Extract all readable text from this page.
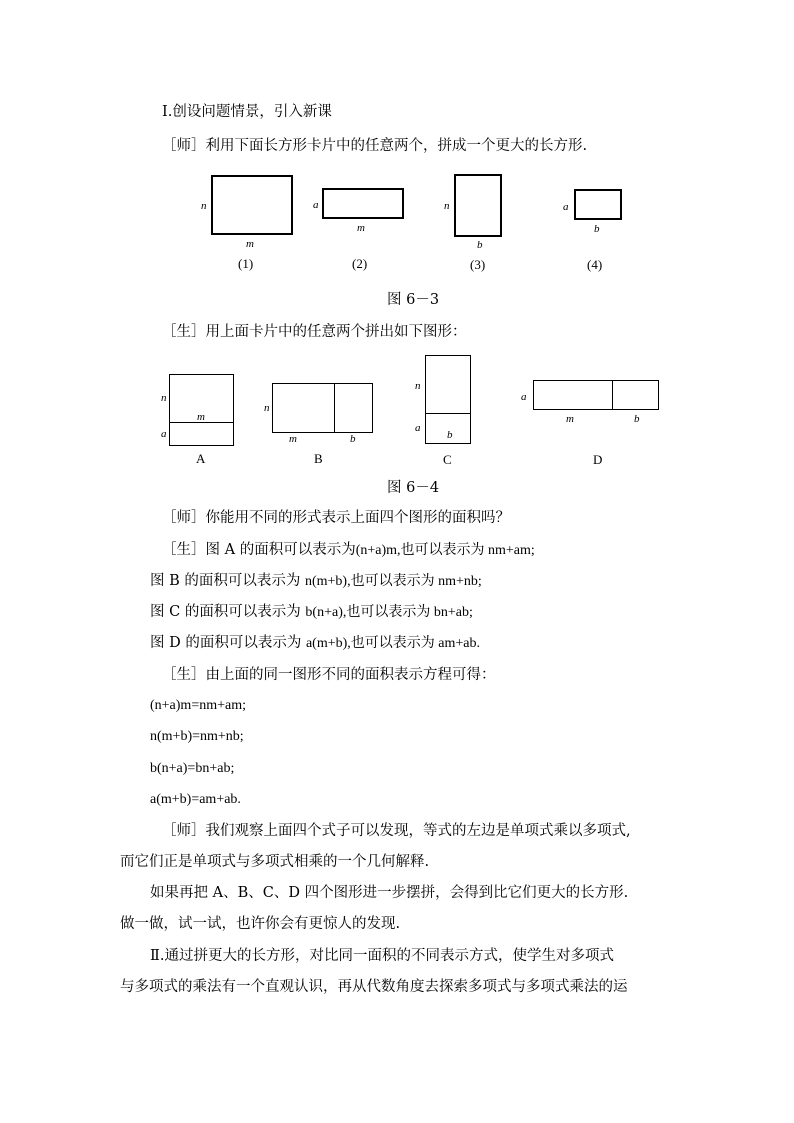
Ⅰ.创设问题情景，引入新课
［师］利用下面长方形卡片中的任意两个，拼成一个更大的长方形.
n
m
(1)
a
m
(2)
n
b
(3)
a
b
(4)
图 6－3
［生］用上面卡片中的任意两个拼出如下图形：
n
m
a
A
n
m	b
B
n
a
b
C
a
m	b
D
图 6－4
［师］你能用不同的形式表示上面四个图形的面积吗？
［生］图 A 的面积可以表示为(n+a)m,也可以表示为 nm+am;
图 B 的面积可以表示为 n(m+b),也可以表示为 nm+nb;
图 C 的面积可以表示为 b(n+a),也可以表示为 bn+ab;
图 D 的面积可以表示为 a(m+b),也可以表示为 am+ab.
［生］由上面的同一图形不同的面积表示方程可得：
(n+a)m=nm+am;
n(m+b)=nm+nb;
b(n+a)=bn+ab;
a(m+b)=am+ab.
［师］我们观察上面四个式子可以发现，等式的左边是单项式乘以多项式,
而它们正是单项式与多项式相乘的一个几何解释.
如果再把 A、B、C、D 四个图形进一步摆拼，会得到比它们更大的长方形.
做一做，试一试，也许你会有更惊人的发现.
Ⅱ.通过拼更大的长方形，对比同一面积的不同表示方式，使学生对多项式
与多项式的乘法有一个直观认识，再从代数角度去探索多项式与多项式乘法的运
